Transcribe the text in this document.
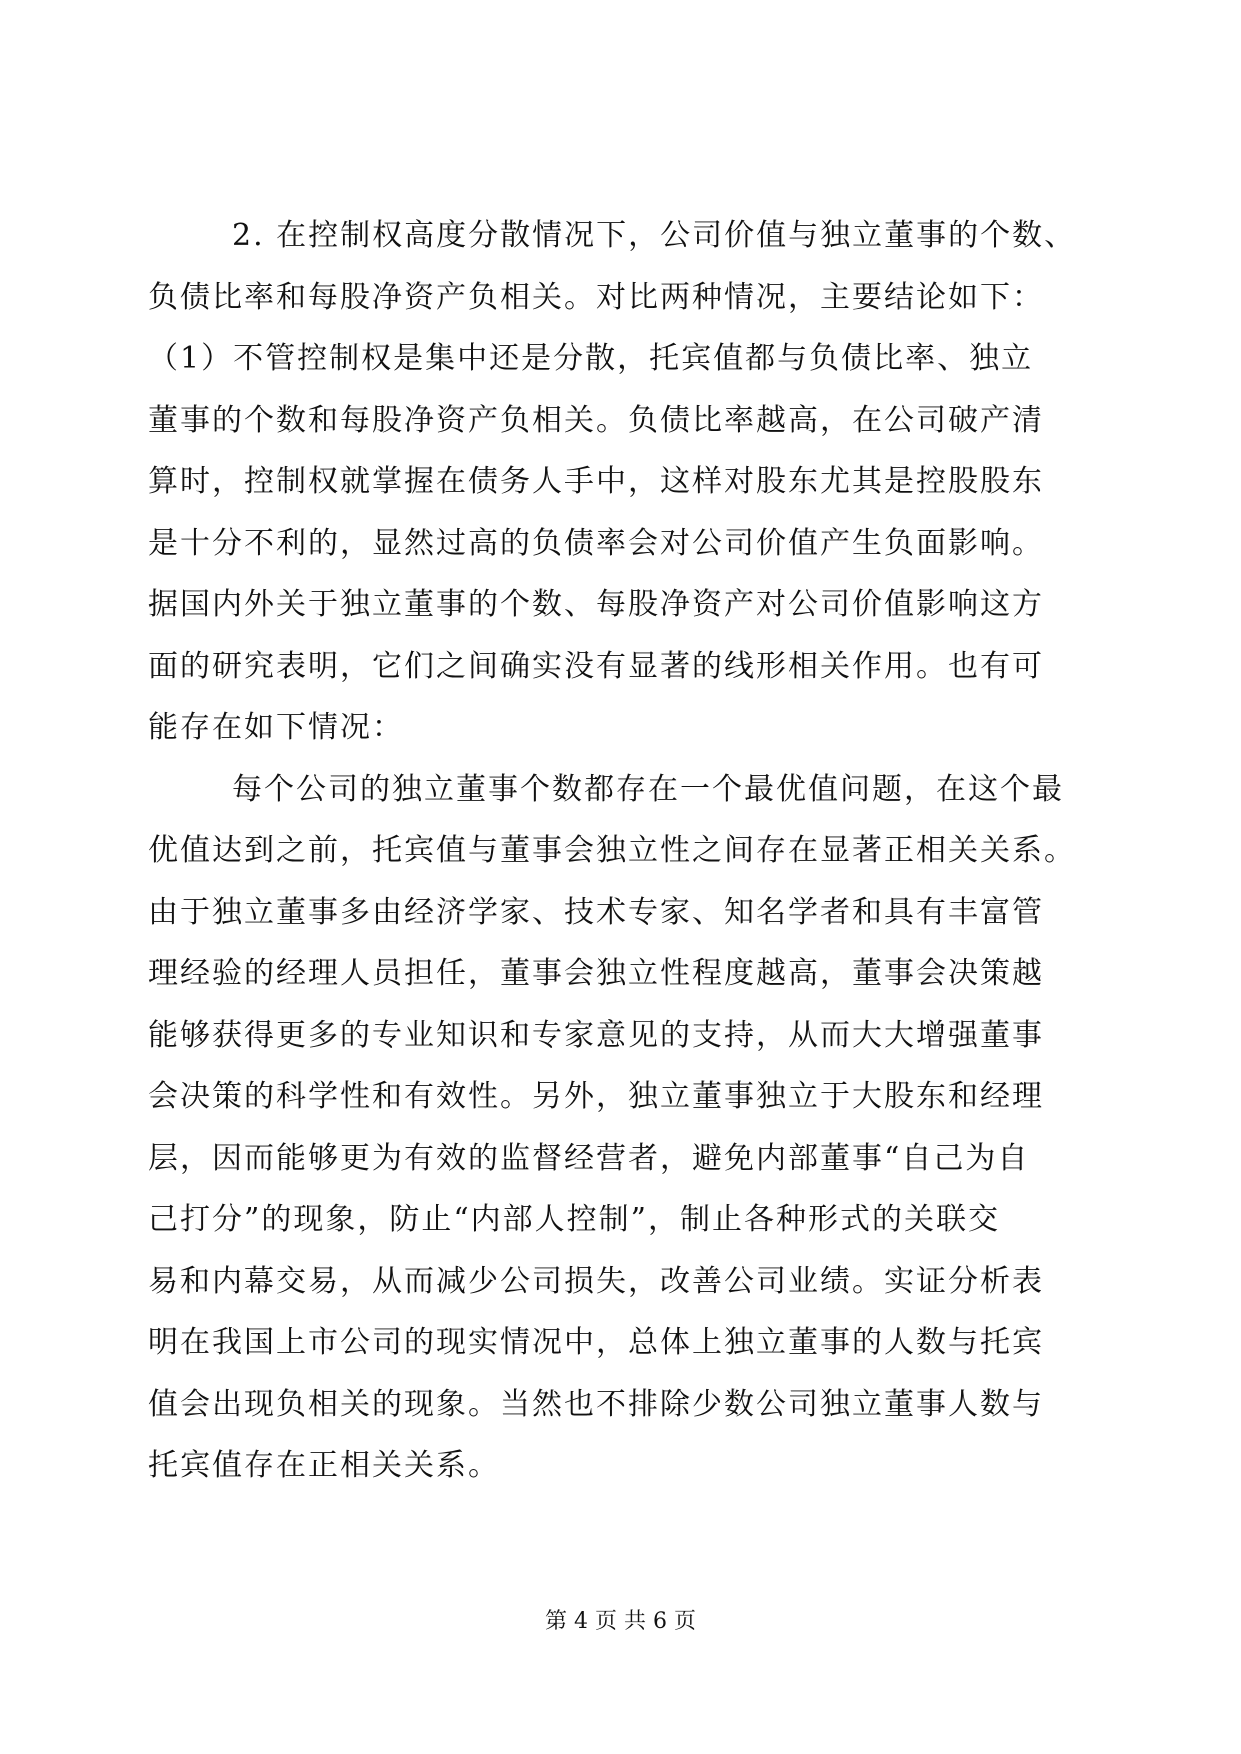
2. 在控制权高度分散情况下，公司价值与独立董事的个数、
负债比率和每股净资产负相关。对比两种情况，主要结论如下：
（1）不管控制权是集中还是分散，托宾值都与负债比率、独立
董事的个数和每股净资产负相关。负债比率越高，在公司破产清
算时，控制权就掌握在债务人手中，这样对股东尤其是控股股东
是十分不利的，显然过高的负债率会对公司价值产生负面影响。
据国内外关于独立董事的个数、每股净资产对公司价值影响这方
面的研究表明，它们之间确实没有显著的线形相关作用。也有可
能存在如下情况：
每个公司的独立董事个数都存在一个最优值问题，在这个最
优值达到之前，托宾值与董事会独立性之间存在显著正相关关系。
由于独立董事多由经济学家、技术专家、知名学者和具有丰富管
理经验的经理人员担任，董事会独立性程度越高，董事会决策越
能够获得更多的专业知识和专家意见的支持，从而大大增强董事
会决策的科学性和有效性。另外，独立董事独立于大股东和经理
层，因而能够更为有效的监督经营者，避免内部董事“自己为自
己打分”的现象，防止“内部人控制”，制止各种形式的关联交
易和内幕交易，从而减少公司损失，改善公司业绩。实证分析表
明在我国上市公司的现实情况中，总体上独立董事的人数与托宾
值会出现负相关的现象。当然也不排除少数公司独立董事人数与
托宾值存在正相关关系。
第 4 页 共 6 页
